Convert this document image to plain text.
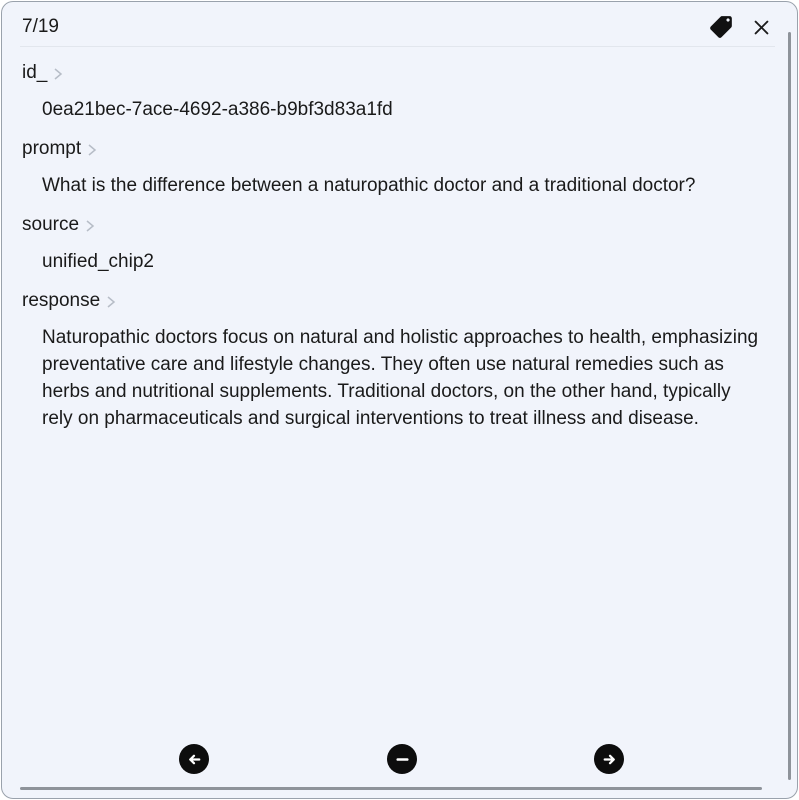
7/19
id_
0ea21bec-7ace-4692-a386-b9bf3d83a1fd
prompt
What is the difference between a naturopathic doctor and a traditional doctor?
source
unified_chip2
response
Naturopathic doctors focus on natural and holistic approaches to health, emphasizing preventative care and lifestyle changes. They often use natural remedies such as herbs and nutritional supplements. Traditional doctors, on the other hand, typically rely on pharmaceuticals and surgical interventions to treat illness and disease.
